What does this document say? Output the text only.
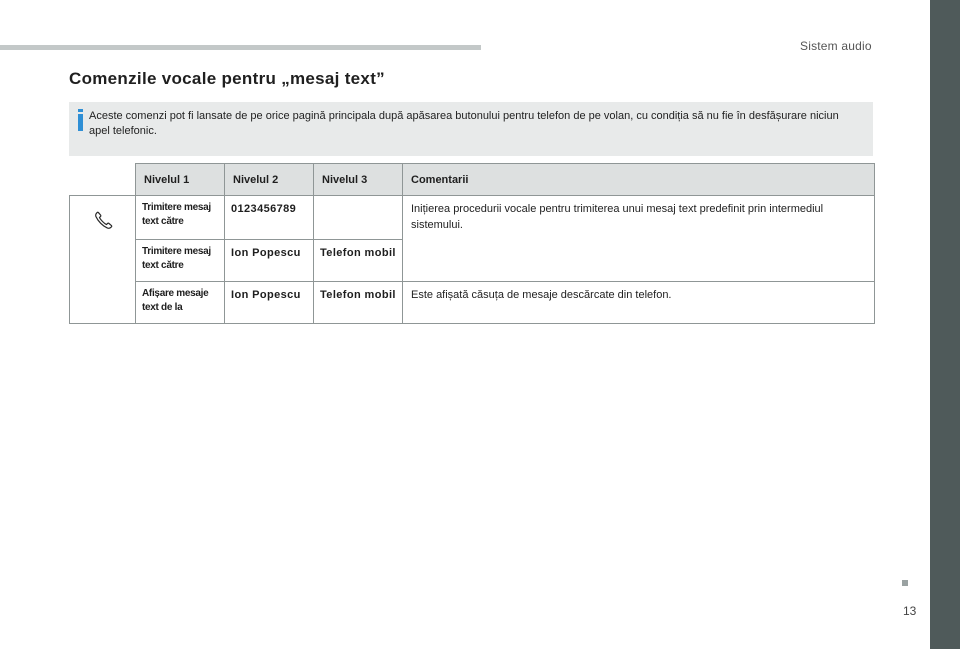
Sistem audio
Comenzile vocale pentru „mesaj text”
Aceste comenzi pot fi lansate de pe orice pagină principala după apăsarea butonului pentru telefon de pe volan, cu condiția să nu fie în desfășurare niciun apel telefonic.
	Nivelul 1	Nivelul 2	Nivelul 3	Comentarii
	Trimitere mesaj text către	0123456789		Inițierea procedurii vocale pentru trimiterea unui mesaj text predefinit prin intermediul sistemului.
	Trimitere mesaj text către	Ion Popescu	Telefon mobil	
	Afișare mesaje text de la	Ion Popescu	Telefon mobil	Este afișată căsuța de mesaje descărcate din telefon.
13
